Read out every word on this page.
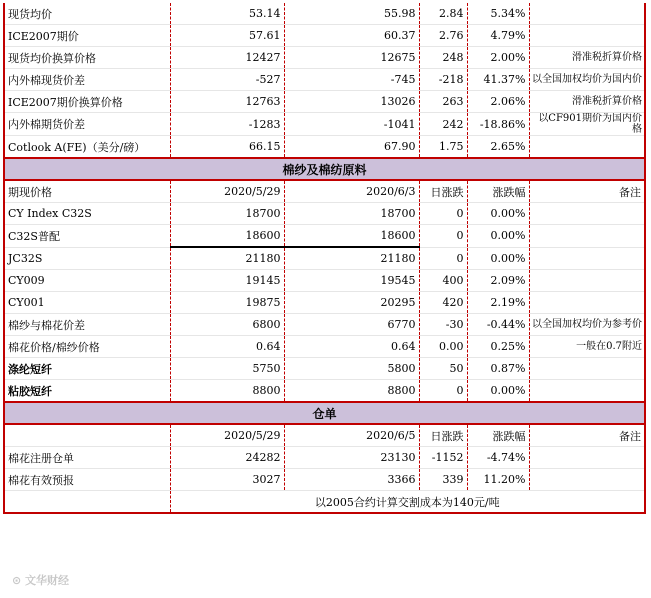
现货均价	53.14	55.98	2.84	5.34%	
ICE2007期价	57.61	60.37	2.76	4.79%	
现货均价换算价格	12427	12675	248	2.00%	滑准税折算价格
内外棉现货价差	-527	-745	-218	41.37%	以全国加权均价为国内价
ICE2007期价换算价格	12763	13026	263	2.06%	滑准税折算价格
内外棉期货价差	-1283	-1041	242	-18.86%	以CF901期价为国内价格
Cotlook A(FE)（美分/磅）	66.15	67.90	1.75	2.65%	
棉纱及棉纺原料					
期现价格	2020/5/29	2020/6/3	日涨跌	涨跌幅	备注
CY Index C32S	18700	18700	0	0.00%	
C32S普配	18600	18600	0	0.00%	
JC32S	21180	21180	0	0.00%	
CY009	19145	19545	400	2.09%	
CY001	19875	20295	420	2.19%	
棉纱与棉花价差	6800	6770	-30	-0.44%	以全国加权均价为参考价
棉花价格/棉纱价格	0.64	0.64	0.00	0.25%	一般在0.7附近
涤纶短纤	5750	5800	50	0.87%	
粘胶短纤	8800	8800	0	0.00%	
仓单					
	2020/5/29	2020/6/5	日涨跌	涨跌幅	备注
棉花注册仓单	24282	23130	-1152	-4.74%	
棉花有效预报	3027	3366	339	11.20%	
	以2005合约计算交割成本为140元/吨				
⊙ 文华财经
